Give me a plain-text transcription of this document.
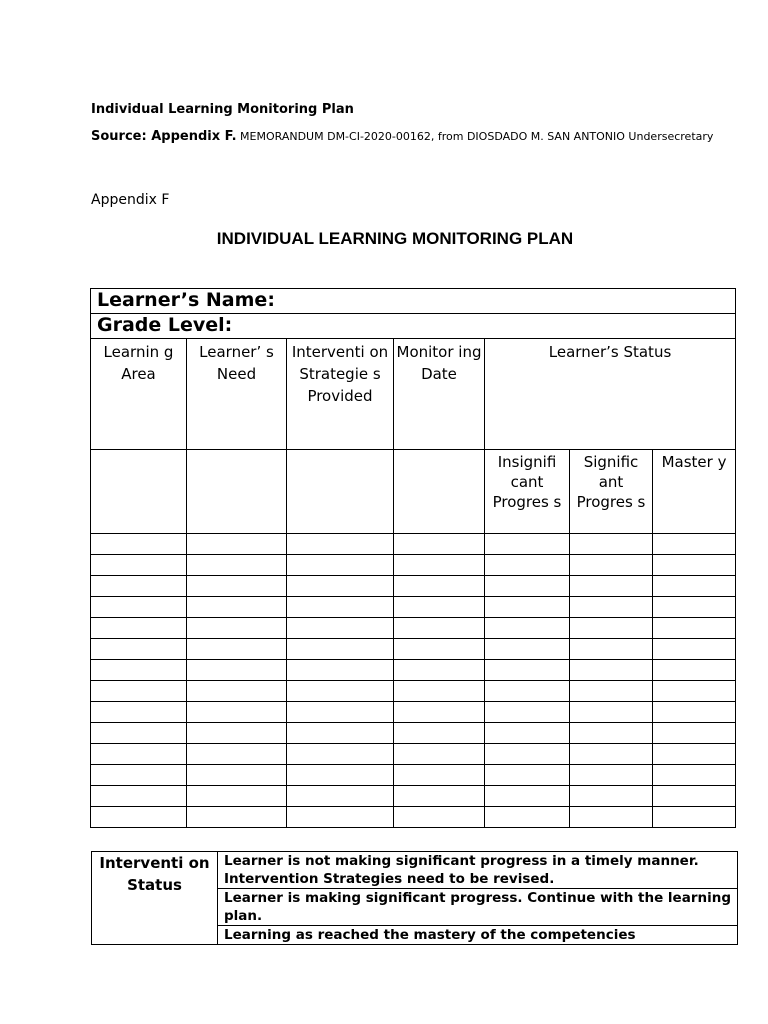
Individual Learning Monitoring Plan
Source: Appendix F. MEMORANDUM DM-CI-2020-00162, from DIOSDADO M. SAN ANTONIO Undersecretary
Appendix F
INDIVIDUAL LEARNING MONITORING PLAN
Learner’s Name:						
Grade Level:						
Learnin g Area	Learner’ s Need	Interventi on Strategie s Provided	Monitor ing Date	Learner’s Status		
				Insignifi cant Progres s	Signific ant Progres s	Master y

Interventi on Status	Learner is not making significant progress in a timely manner. Intervention Strategies need to be revised.
Learner is making significant progress. Continue with the learning plan.
Learning as reached the mastery of the competencies
